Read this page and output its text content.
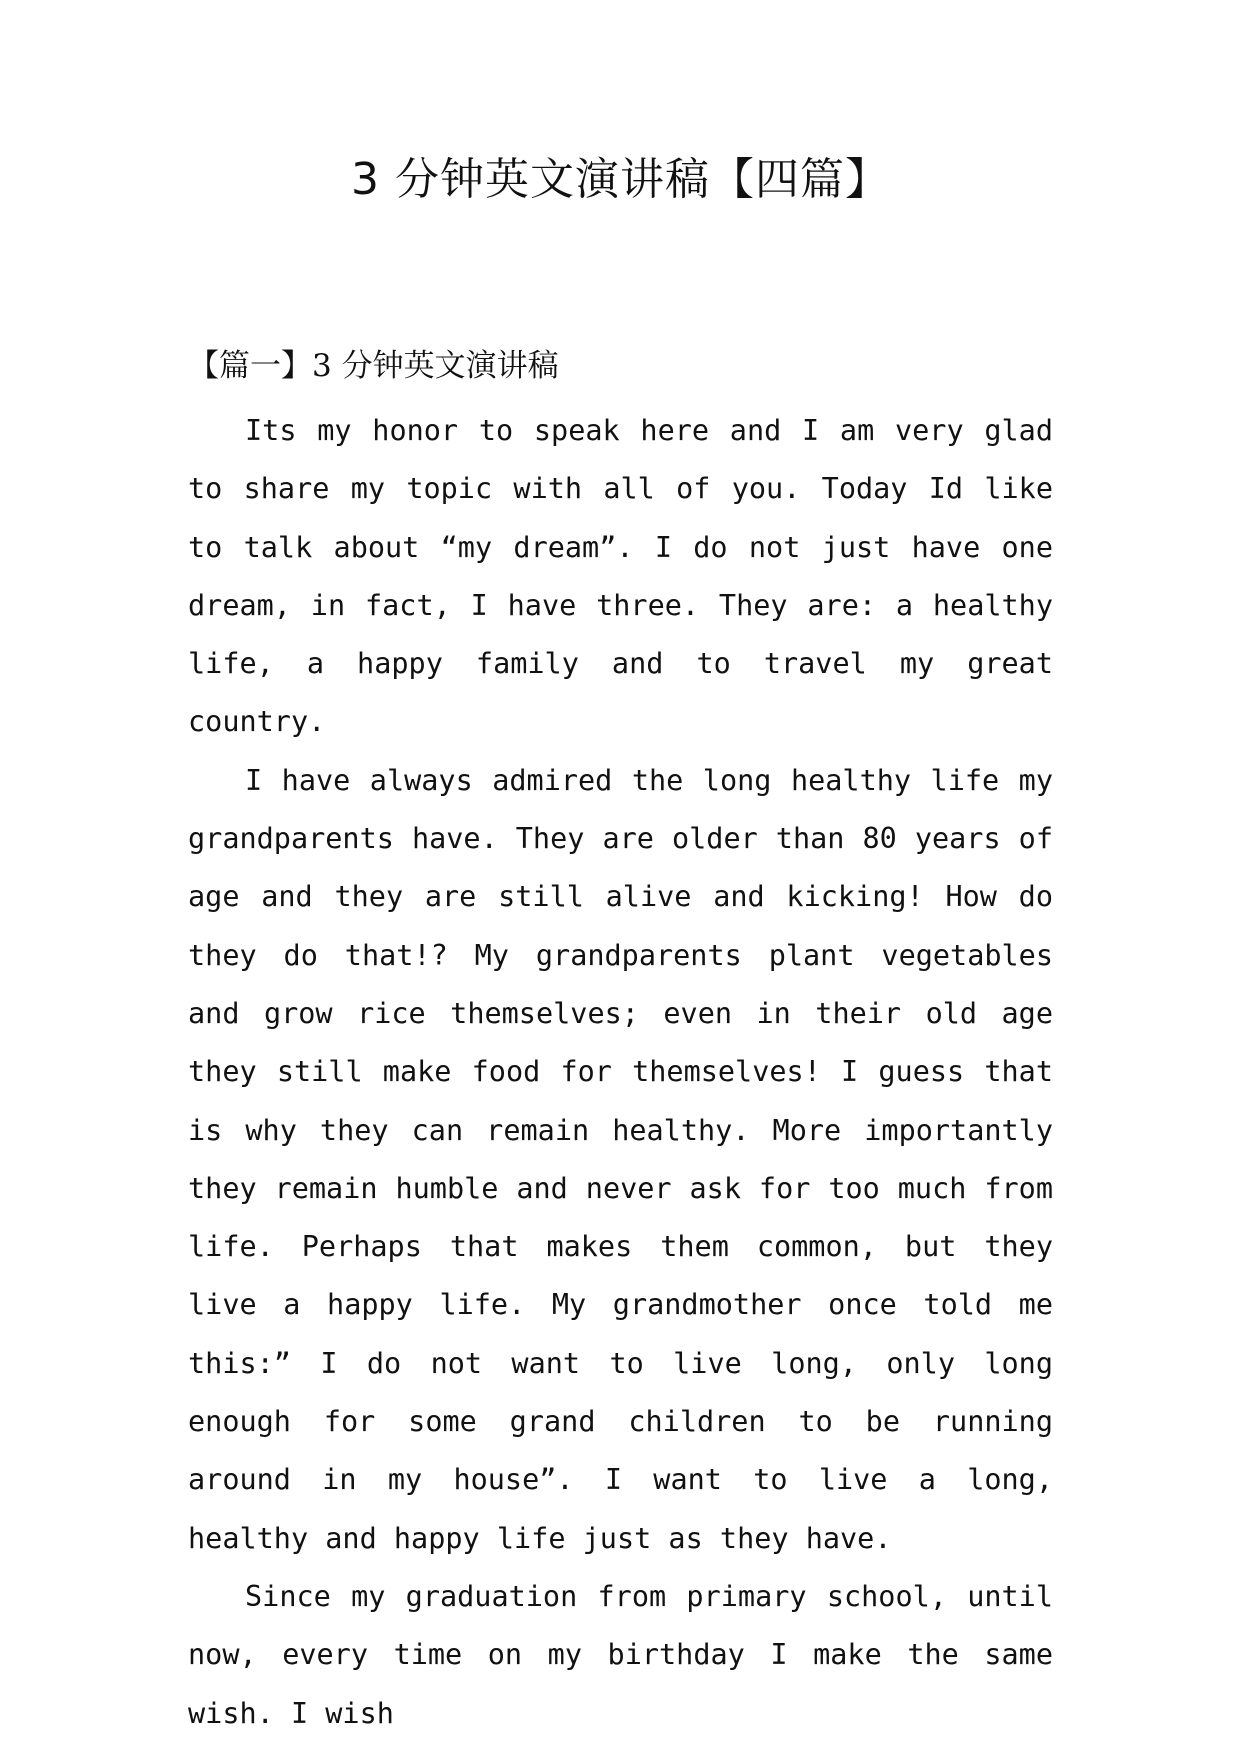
3 分钟英文演讲稿【四篇】
【篇一】3 分钟英文演讲稿

Its my honor to speak here and I am very glad to share my topic with all of you. Today Id like to talk about “my dream”. I do not just have one dream, in fact, I have three. They are: a healthy life, a happy family and to travel my great country.

I have always admired the long healthy life my grandparents have. They are older than 80 years of age and they are still alive and kicking! How do they do that!? My grandparents plant vegetables and grow rice themselves; even in their old age they still make food for themselves! I guess that is why they can remain healthy. More importantly they remain humble and never ask for too much from life. Perhaps that makes them common, but they live a happy life. My grandmother once told me this:” I do not want to live long, only long enough for some grand children to be running around in my house”. I want to live a long, healthy and happy life just as they have.

Since my graduation from primary school, until now, every time on my birthday I make the same wish. I wish
